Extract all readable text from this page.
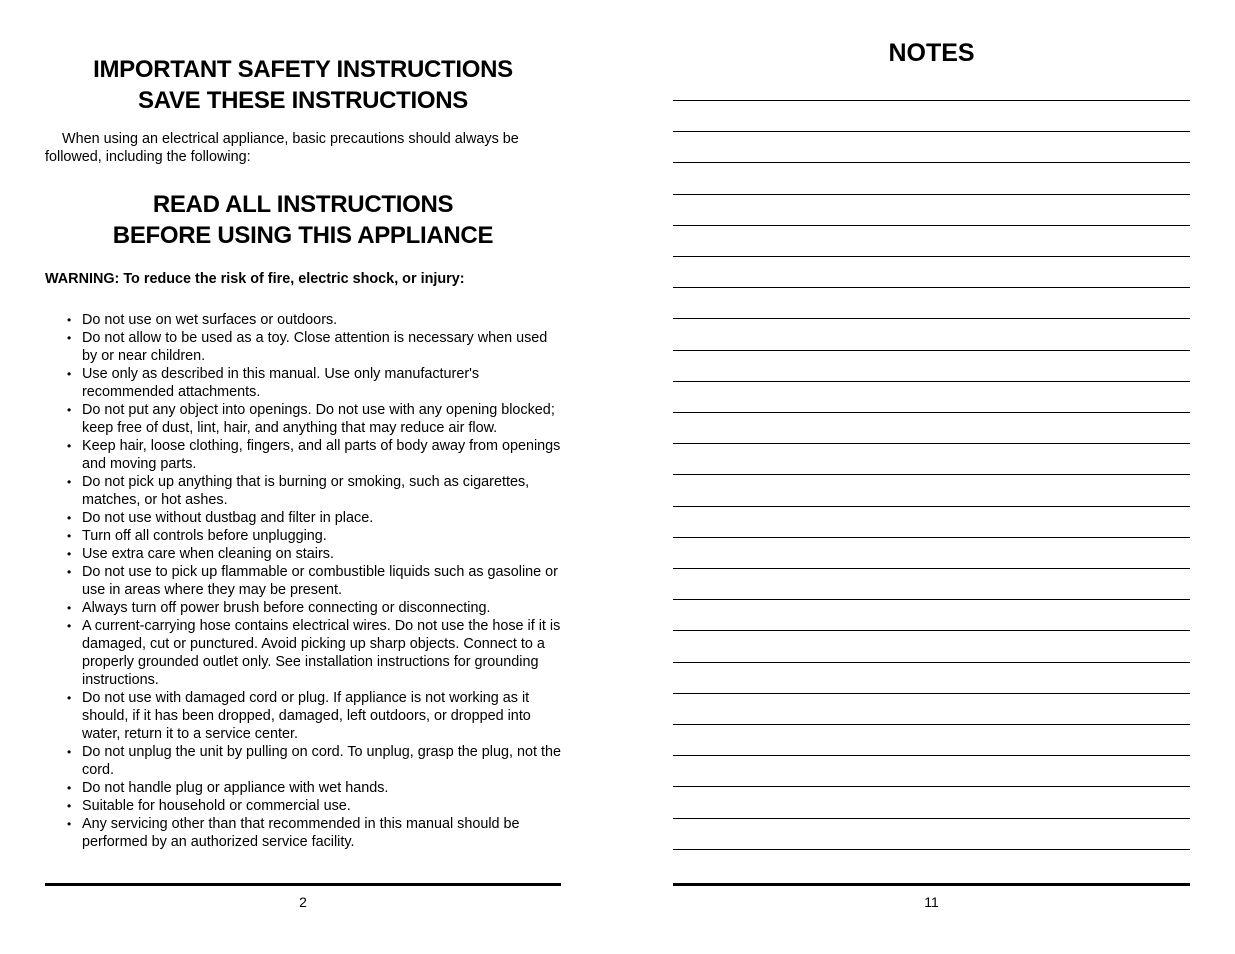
IMPORTANT SAFETY INSTRUCTIONS
SAVE THESE INSTRUCTIONS

When using an electrical appliance, basic precautions should always be followed, including the following:

READ ALL INSTRUCTIONS
BEFORE USING THIS APPLIANCE

WARNING: To reduce the risk of fire, electric shock, or injury:

• Do not use on wet surfaces or outdoors.
• Do not allow to be used as a toy. Close attention is necessary when used by or near children.
• Use only as described in this manual. Use only manufacturer's recommended attachments.
• Do not put any object into openings. Do not use with any opening blocked; keep free of dust, lint, hair, and anything that may reduce air flow.
• Keep hair, loose clothing, fingers, and all parts of body away from openings and moving parts.
• Do not pick up anything that is burning or smoking, such as cigarettes, matches, or hot ashes.
• Do not use without dustbag and filter in place.
• Turn off all controls before unplugging.
• Use extra care when cleaning on stairs.
• Do not use to pick up flammable or combustible liquids such as gasoline or use in areas where they may be present.
• Always turn off power brush before connecting or disconnecting.
• A current-carrying hose contains electrical wires. Do not use the hose if it is damaged, cut or punctured. Avoid picking up sharp objects. Connect to a properly grounded outlet only. See installation instructions for grounding instructions.
• Do not use with damaged cord or plug. If appliance is not working as it should, if it has been dropped, damaged, left outdoors, or dropped into water, return it to a service center.
• Do not unplug the unit by pulling on cord. To unplug, grasp the plug, not the cord.
• Do not handle plug or appliance with wet hands.
• Suitable for household or commercial use.
• Any servicing other than that recommended in this manual should be performed by an authorized service facility.
2
NOTES
11
